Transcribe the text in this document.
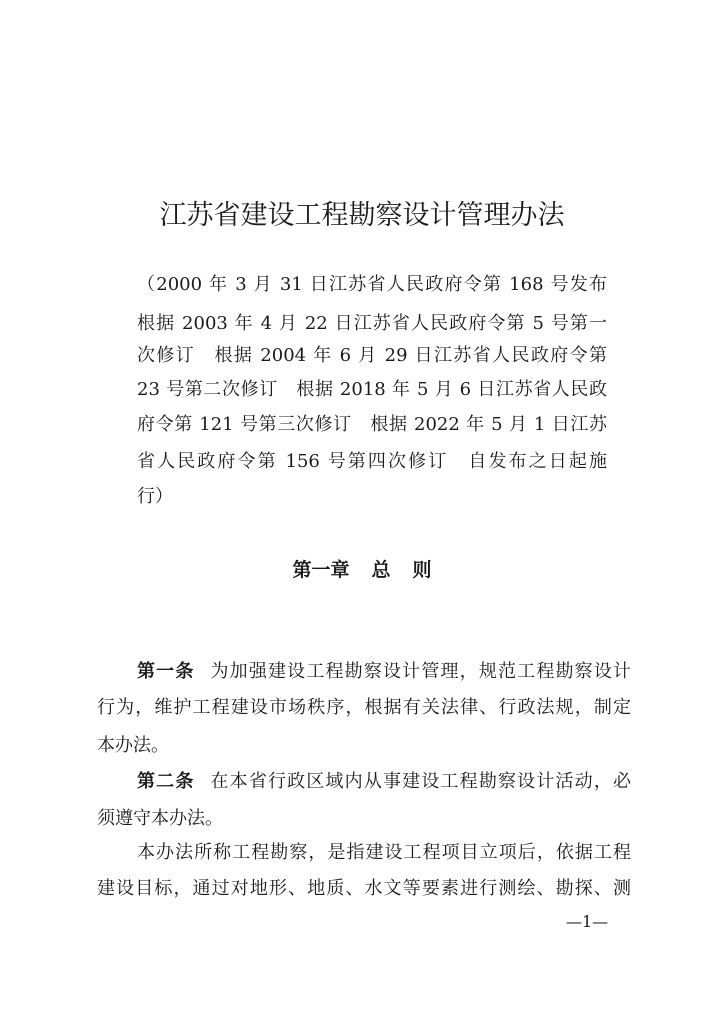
江苏省建设工程勘察设计管理办法
（2000 年 3 月 31 日江苏省人民政府令第 168 号发布
根据 2003 年 4 月 22 日江苏省人民政府令第 5 号第一
次修订　根据 2004 年 6 月 29 日江苏省人民政府令第
23 号第二次修订　根据 2018 年 5 月 6 日江苏省人民政
府令第 121 号第三次修订　根据 2022 年 5 月 1 日江苏
省人民政府令第 156 号第四次修订　自发布之日起施
行）
第一章 总 则
第一条 为加强建设工程勘察设计管理，规范工程勘察设计
行为，维护工程建设市场秩序，根据有关法律、行政法规，制定
本办法。
第二条 在本省行政区域内从事建设工程勘察设计活动，必
须遵守本办法。
本办法所称工程勘察，是指建设工程项目立项后，依据工程
建设目标，通过对地形、地质、水文等要素进行测绘、勘探、测
—1—
